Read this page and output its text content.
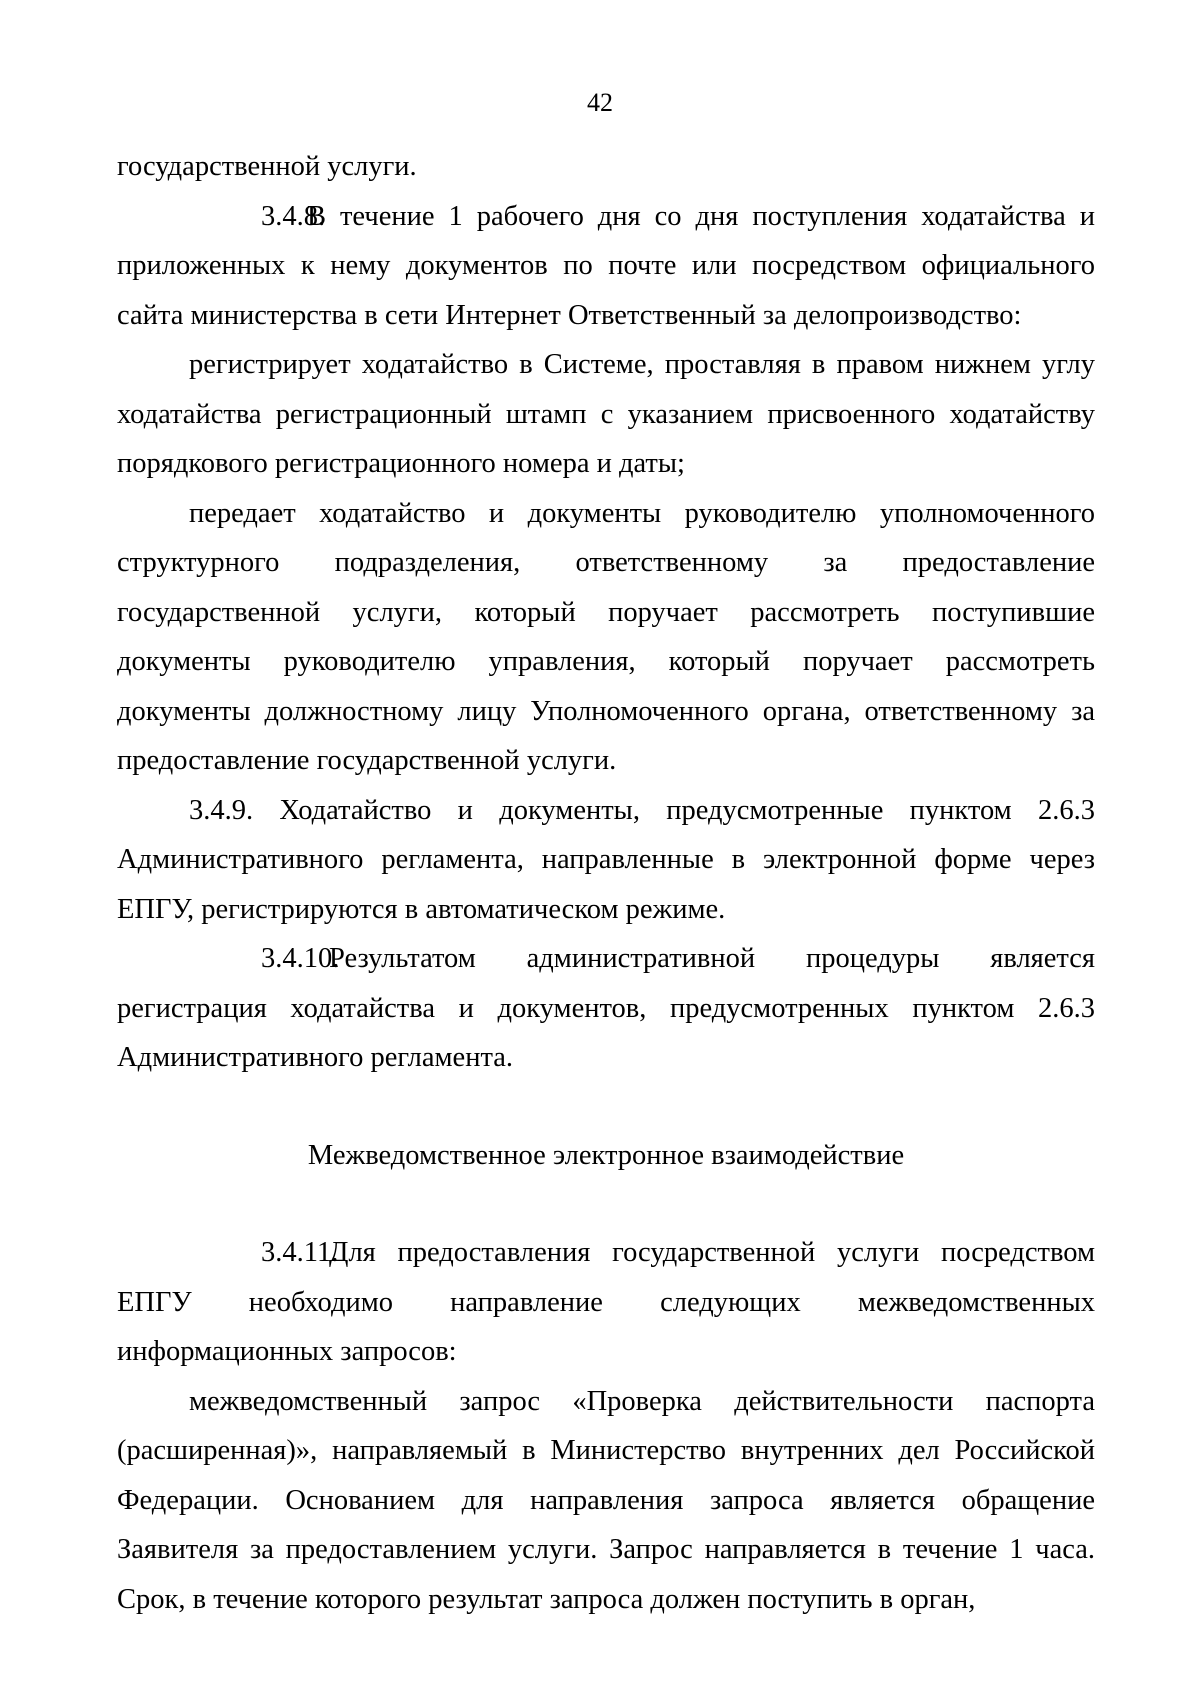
42

государственной услуги.

3.4.8.В течение 1 рабочего дня со дня поступления ходатайства и приложенных к нему документов по почте или посредством официального сайта министерства в сети Интернет Ответственный за делопроизводство:

регистрирует ходатайство в Системе, проставляя в правом нижнем углу ходатайства регистрационный штамп с указанием присвоенного ходатайству порядкового регистрационного номера и даты;

передает ходатайство и документы руководителю уполномоченного структурного подразделения, ответственному за предоставление государственной услуги, который поручает рассмотреть поступившие документы руководителю управления, который поручает рассмотреть документы должностному лицу Уполномоченного органа, ответственному за предоставление государственной услуги.

3.4.9. Ходатайство и документы, предусмотренные пунктом 2.6.3 Административного регламента, направленные в электронной форме через ЕПГУ, регистрируются в автоматическом режиме.

3.4.10.Результатом административной процедуры является регистрация ходатайства и документов, предусмотренных пунктом 2.6.3 Административного регламента.

Межведомственное электронное взаимодействие

3.4.11.Для предоставления государственной услуги посредством ЕПГУ необходимо направление следующих межведомственных информационных запросов:

межведомственный запрос «Проверка действительности паспорта (расширенная)», направляемый в Министерство внутренних дел Российской Федерации. Основанием для направления запроса является обращение Заявителя за предоставлением услуги. Запрос направляется в течение 1 часа. Срок, в течение которого результат запроса должен поступить в орган,
